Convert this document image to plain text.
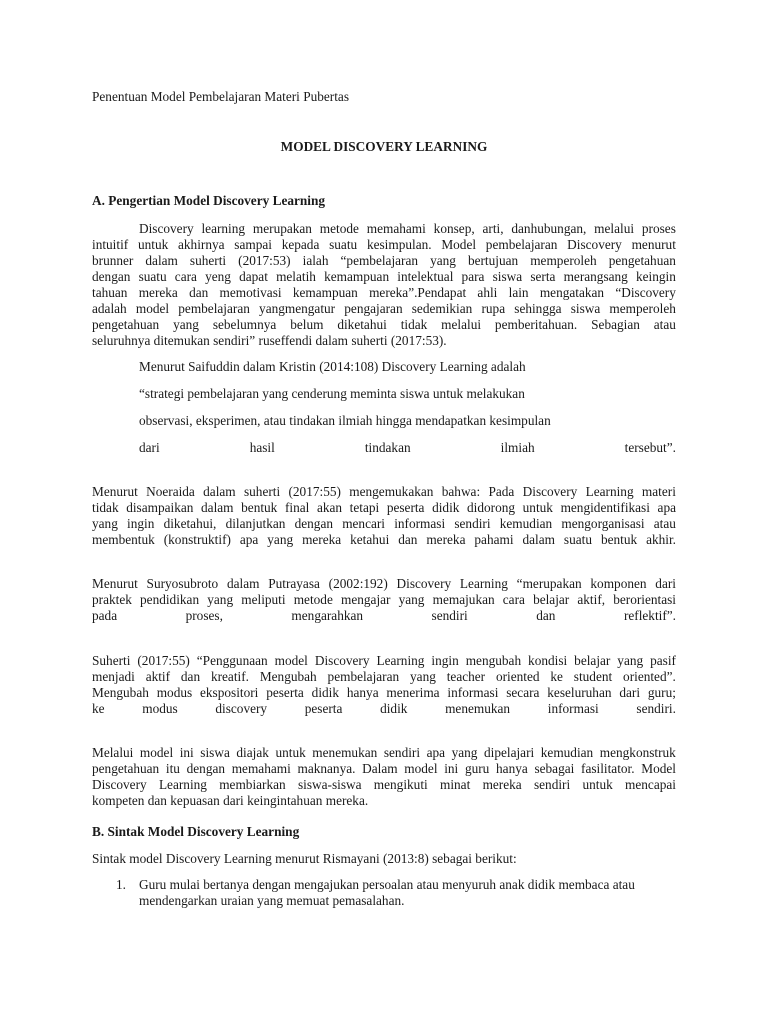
Penentuan Model Pembelajaran Materi Pubertas
MODEL DISCOVERY LEARNING
A. Pengertian Model Discovery Learning
Discovery learning merupakan metode memahami konsep, arti, danhubungan, melalui proses
intuitif untuk akhirnya sampai kepada suatu kesimpulan. Model pembelajaran Discovery menurut
brunner dalam suherti (2017:53) ialah “pembelajaran yang bertujuan memperoleh pengetahuan
dengan suatu cara yeng dapat melatih kemampuan intelektual para siswa serta merangsang keingin
tahuan mereka dan memotivasi kemampuan mereka”.Pendapat ahli lain mengatakan “Discovery
adalah model pembelajaran yangmengatur pengajaran sedemikian rupa sehingga siswa memperoleh
pengetahuan yang sebelumnya belum diketahui tidak melalui pemberitahuan. Sebagian atau
seluruhnya ditemukan sendiri” ruseffendi dalam suherti (2017:53).
Menurut Saifuddin dalam Kristin (2014:108) Discovery Learning adalah
“strategi pembelajaran yang cenderung meminta siswa untuk melakukan
observasi, eksperimen, atau tindakan ilmiah hingga mendapatkan kesimpulan
dari	hasil	tindakan	ilmiah	tersebut”.
Menurut Noeraida dalam suherti (2017:55) mengemukakan bahwa: Pada Discovery Learning materi
tidak disampaikan dalam bentuk final akan tetapi peserta didik didorong untuk mengidentifikasi apa
yang ingin diketahui, dilanjutkan dengan mencari informasi sendiri kemudian mengorganisasi atau
membentuk (konstruktif) apa yang mereka ketahui dan mereka pahami dalam suatu bentuk akhir.
Menurut Suryosubroto dalam Putrayasa (2002:192) Discovery Learning “merupakan komponen dari
praktek pendidikan yang meliputi metode mengajar yang memajukan cara belajar aktif, berorientasi
pada	proses,	mengarahkan	sendiri	dan	reflektif”.
Suherti (2017:55) “Penggunaan model Discovery Learning ingin mengubah kondisi belajar yang pasif
menjadi aktif dan kreatif. Mengubah pembelajaran yang teacher oriented ke student oriented”.
Mengubah modus ekspositori peserta didik hanya menerima informasi secara keseluruhan dari guru;
ke	modus	discovery	peserta	didik	menemukan	informasi	sendiri.
Melalui model ini siswa diajak untuk menemukan sendiri apa yang dipelajari kemudian mengkonstruk
pengetahuan itu dengan memahami maknanya. Dalam model ini guru hanya sebagai fasilitator. Model
Discovery Learning membiarkan siswa-siswa mengikuti minat mereka sendiri untuk mencapai
kompeten dan kepuasan dari keingintahuan mereka.
B. Sintak Model Discovery Learning
Sintak model Discovery Learning menurut Rismayani (2013:8) sebagai berikut:
1. Guru mulai bertanya dengan mengajukan persoalan atau menyuruh anak didik membaca atau
mendengarkan uraian yang memuat pemasalahan.
